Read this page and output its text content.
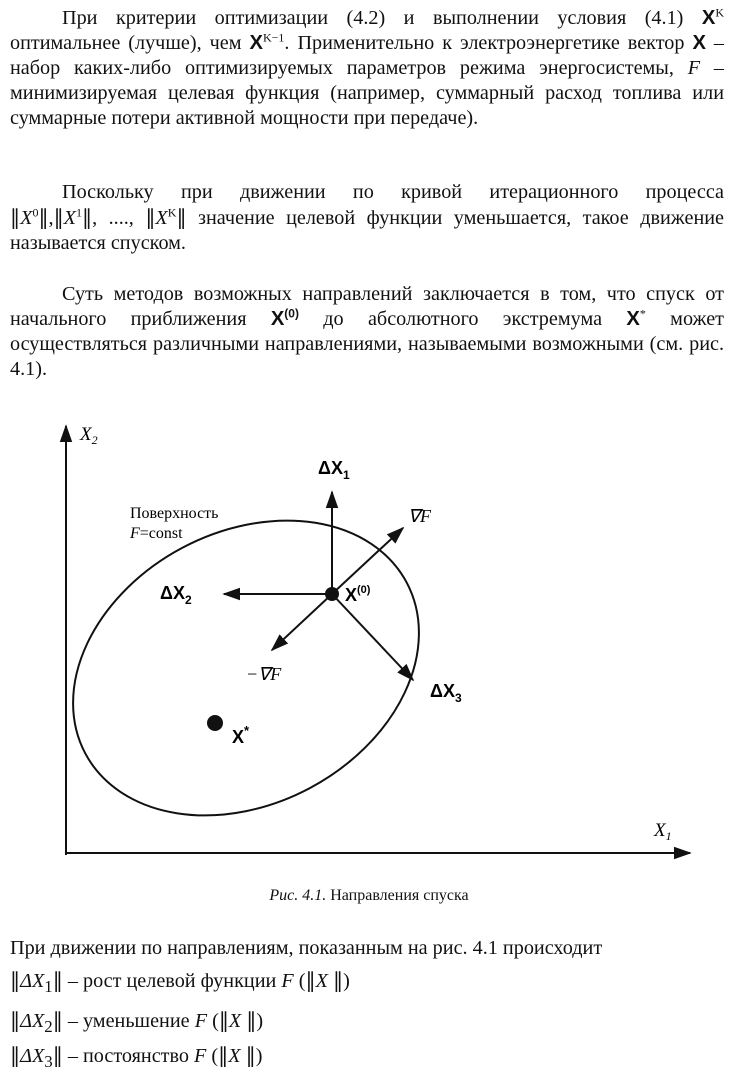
При критерии оптимизации (4.2) и выполнении условия (4.1) $X^K$ оптимальнее (лучше), чем $X^{K-1}$. Применительно к электроэнергетике вектор X – набор каких-либо оптимизируемых параметров режима энергосистемы, F – минимизируемая целевая функция (например, суммарный расход топлива или суммарные потери активной мощности при передаче).

Поскольку при движении по кривой итерационного процесса $‖X^0‖,‖X^1‖$, ...., $‖X^K‖$ значение целевой функции уменьшается, такое движение называется спуском.

Суть методов возможных направлений заключается в том, что спуск от начального приближения $X^{(0)}$ до абсолютного экстремума X* может осуществляться различными направлениями, называемыми возможными (см. рис. 4.1).

$X_2$
$X_1$
Поверхность
F=const
$\Delta X_1$
∇F
$\Delta X_2$
−∇F
$\Delta X_3$
$X^{(0)}$
X*
Рис. 4.1. Направления спуска
При движении по направлениям, показанным на рис. 4.1 происходит
$‖\Delta X_1‖$ – рост целевой функции F (‖X ‖)
$‖\Delta X_2‖$ – уменьшение F (‖X ‖)
$‖\Delta X_3‖$ – постоянство F (‖X ‖)
